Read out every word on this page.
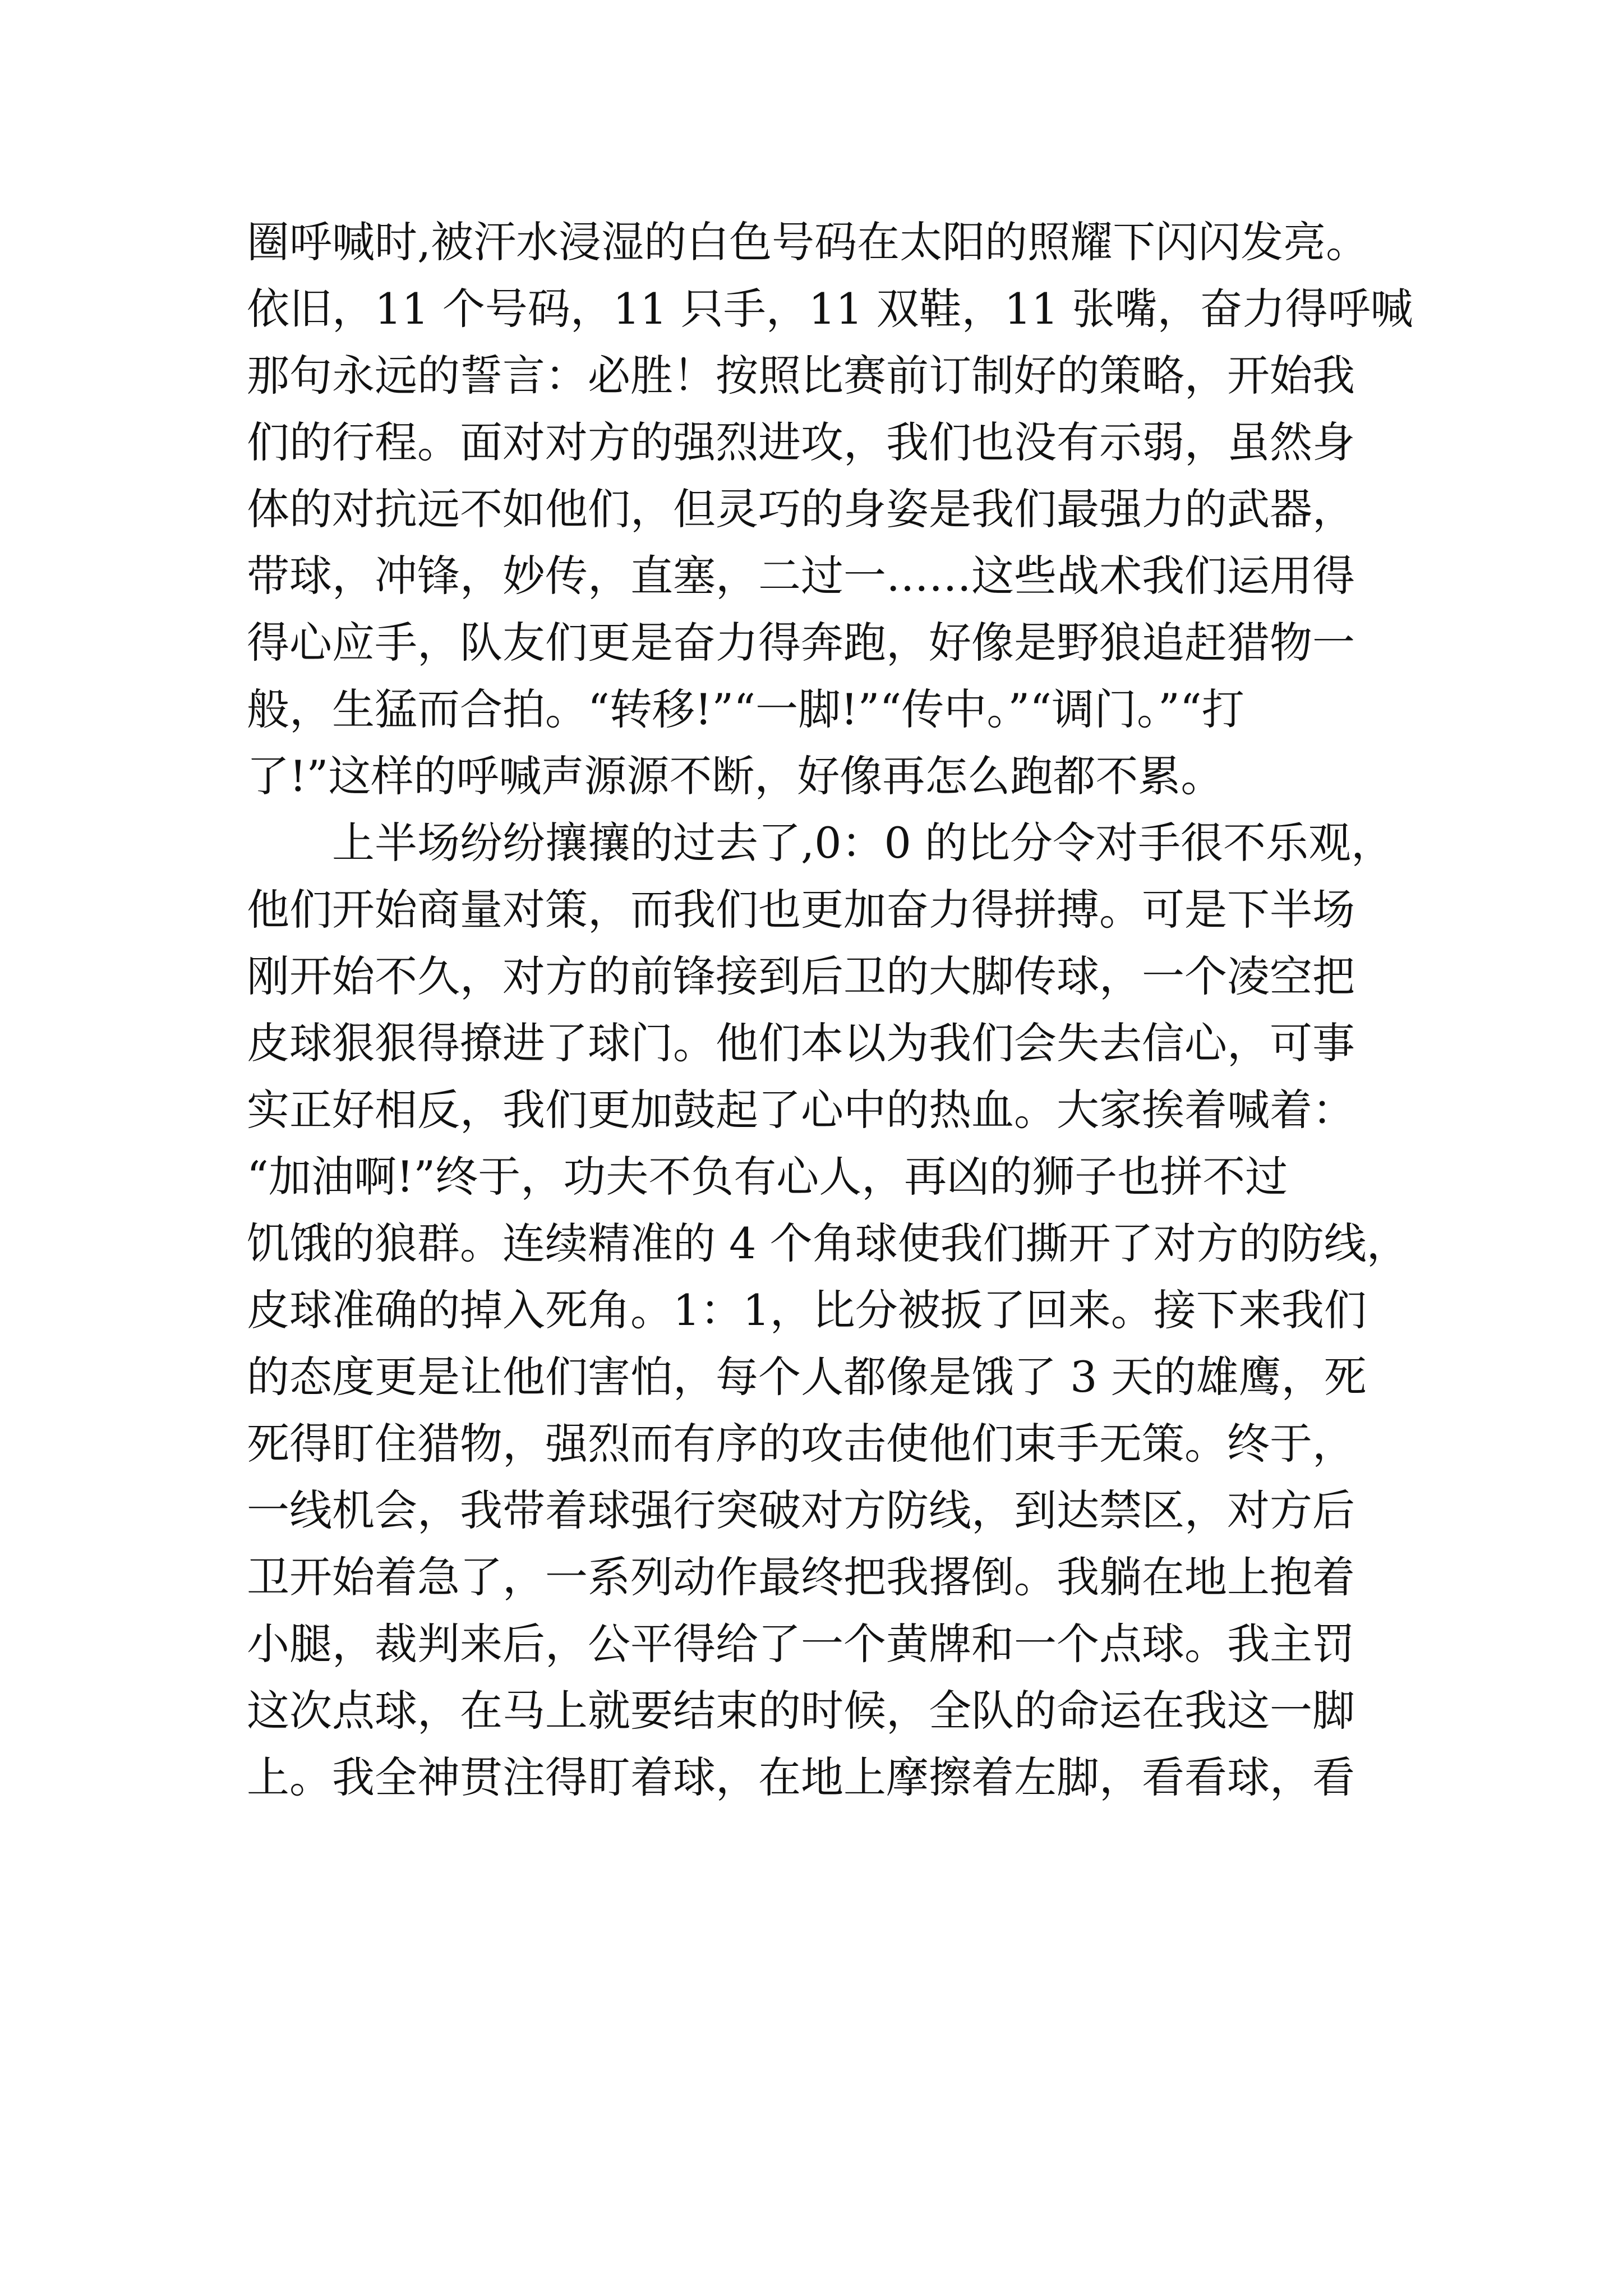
圈呼喊时,被汗水浸湿的白色号码在太阳的照耀下闪闪发亮。
依旧，11 个号码，11 只手，11 双鞋，11 张嘴，奋力得呼喊
那句永远的誓言：必胜！按照比赛前订制好的策略，开始我
们的行程。面对对方的强烈进攻，我们也没有示弱，虽然身
体的对抗远不如他们，但灵巧的身姿是我们最强力的武器，
带球，冲锋，妙传，直塞，二过一……这些战术我们运用得
得心应手，队友们更是奋力得奔跑，好像是野狼追赶猎物一
般，生猛而合拍。“转移!”“一脚!”“传中。”“调门。”“打
了!”这样的呼喊声源源不断，好像再怎么跑都不累。
上半场纷纷攘攘的过去了,0：0 的比分令对手很不乐观，
他们开始商量对策，而我们也更加奋力得拼搏。可是下半场
刚开始不久，对方的前锋接到后卫的大脚传球，一个凌空把
皮球狠狠得撩进了球门。他们本以为我们会失去信心，可事
实正好相反，我们更加鼓起了心中的热血。大家挨着喊着：
“加油啊!”终于，功夫不负有心人，再凶的狮子也拼不过
饥饿的狼群。连续精准的 4 个角球使我们撕开了对方的防线，
皮球准确的掉入死角。1：1，比分被扳了回来。接下来我们
的态度更是让他们害怕，每个人都像是饿了 3 天的雄鹰，死
死得盯住猎物，强烈而有序的攻击使他们束手无策。终于，
一线机会，我带着球强行突破对方防线，到达禁区，对方后
卫开始着急了，一系列动作最终把我撂倒。我躺在地上抱着
小腿，裁判来后，公平得给了一个黄牌和一个点球。我主罚
这次点球，在马上就要结束的时候，全队的命运在我这一脚
上。我全神贯注得盯着球，在地上摩擦着左脚，看看球，看
